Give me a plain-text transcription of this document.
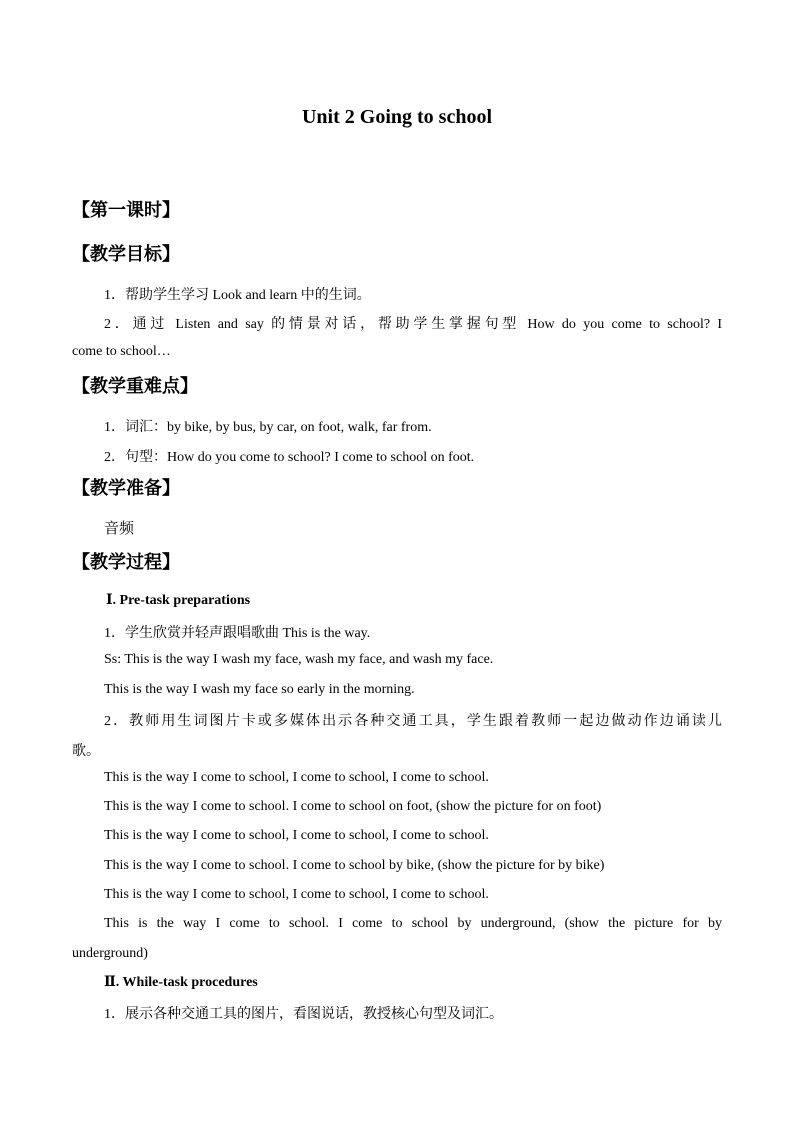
Unit 2 Going to school
【第一课时】
【教学目标】
1．帮助学生学习 Look and learn 中的生词。
2．通过 Listen and say 的情景对话，帮助学生掌握句型 How do you come to school? I
come to school…
【教学重难点】
1．词汇：by bike, by bus, by car, on foot, walk, far from.
2．句型：How do you come to school? I come to school on foot.
【教学准备】
音频
【教学过程】
Ⅰ. Pre-task preparations
1．学生欣赏并轻声跟唱歌曲 This is the way.
Ss: This is the way I wash my face, wash my face, and wash my face.
This is the way I wash my face so early in the morning.
2．教师用生词图片卡或多媒体出示各种交通工具，学生跟着教师一起边做动作边诵读儿
歌。
This is the way I come to school, I come to school, I come to school.
This is the way I come to school. I come to school on foot, (show the picture for on foot)
This is the way I come to school, I come to school, I come to school.
This is the way I come to school. I come to school by bike, (show the picture for by bike)
This is the way I come to school, I come to school, I come to school.
This is the way I come to school. I come to school by underground, (show the picture for by
underground)
Ⅱ. While-task procedures
1．展示各种交通工具的图片，看图说话，教授核心句型及词汇。
